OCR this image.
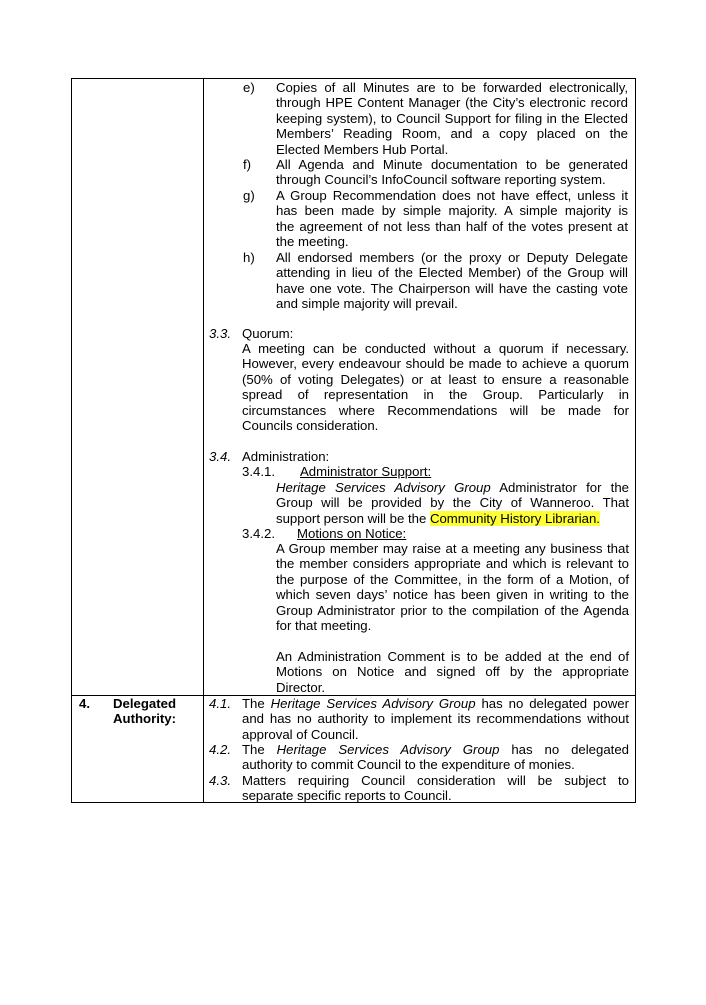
e) Copies of all Minutes are to be forwarded electronically,
through HPE Content Manager (the City’s electronic record
keeping system), to Council Support for filing in the Elected
Members’ Reading Room, and a copy placed on the
Elected Members Hub Portal.
f) All Agenda and Minute documentation to be generated
through Council’s InfoCouncil software reporting system.
g) A Group Recommendation does not have effect, unless it
has been made by simple majority. A simple majority is
the agreement of not less than half of the votes present at
the meeting.
h) All endorsed members (or the proxy or Deputy Delegate
attending in lieu of the Elected Member) of the Group will
have one vote. The Chairperson will have the casting vote
and simple majority will prevail.
3.3. Quorum:
A meeting can be conducted without a quorum if necessary.
However, every endeavour should be made to achieve a quorum
(50% of voting Delegates) or at least to ensure a reasonable
spread of representation in the Group. Particularly in
circumstances where Recommendations will be made for
Councils consideration.
3.4. Administration:
3.4.1. Administrator Support:
Heritage Services Advisory Group Administrator for the
Group will be provided by the City of Wanneroo. That
support person will be the Community History Librarian.
3.4.2. Motions on Notice:
A Group member may raise at a meeting any business that
the member considers appropriate and which is relevant to
the purpose of the Committee, in the form of a Motion, of
which seven days’ notice has been given in writing to the
Group Administrator prior to the compilation of the Agenda
for that meeting.
An Administration Comment is to be added at the end of
Motions on Notice and signed off by the appropriate
Director.
4. Delegated
Authority:
4.1. The Heritage Services Advisory Group has no delegated power
and has no authority to implement its recommendations without
approval of Council.
4.2. The Heritage Services Advisory Group has no delegated
authority to commit Council to the expenditure of monies.
4.3. Matters requiring Council consideration will be subject to
separate specific reports to Council.
